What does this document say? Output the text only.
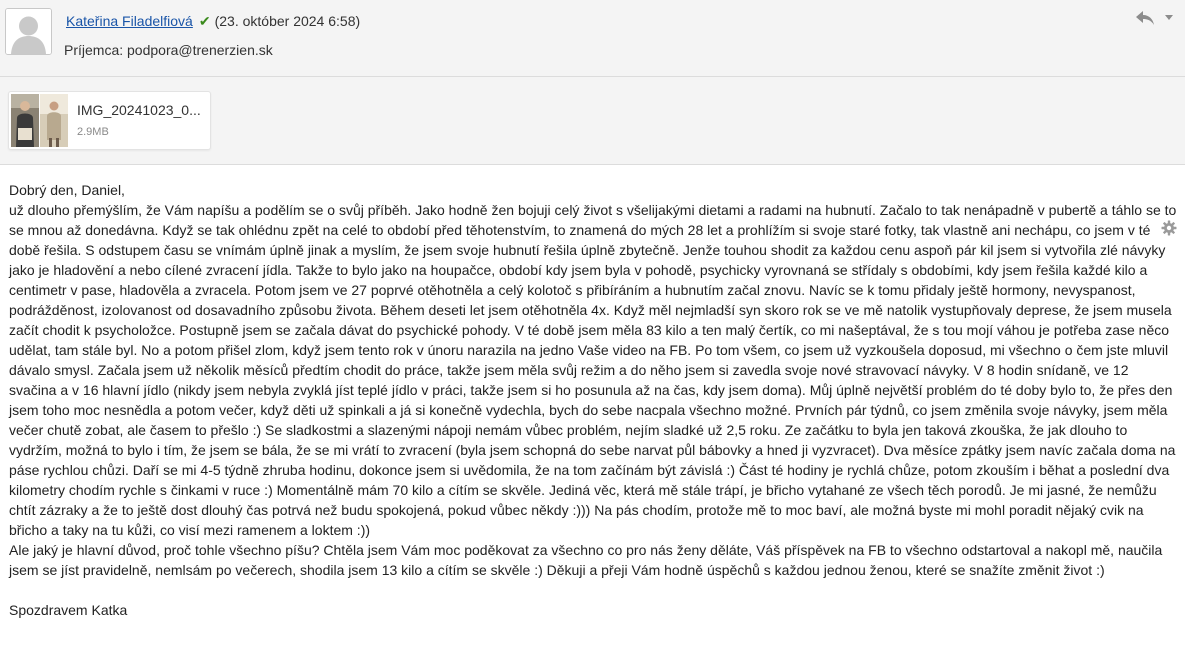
Kateřina Filadelfiová ✔ (23. október 2024 6:58)
Príjemca: podpora@trenerzien.sk
IMG_20241023_0...
2.9MB

Dobrý den, Daniel,

už dlouho přemýšlím, že Vám napíšu a podělím se o svůj příběh. Jako hodně žen bojuji celý život s všelijakými dietami a radami na hubnutí. Začalo to tak nenápadně v pubertě a táhlo se to se mnou až donedávna. Když se tak ohlédnu zpět na celé to období před těhotenstvím, to znamená do mých 28 let a prohlížím si svoje staré fotky, tak vlastně ani nechápu, co jsem v té době řešila. S odstupem času se vnímám úplně jinak a myslím, že jsem svoje hubnutí řešila úplně zbytečně. Jenže touhou shodit za každou cenu aspoň pár kil jsem si vytvořila zlé návyky jako je hladovění a nebo cílené zvracení jídla. Takže to bylo jako na houpačce, období kdy jsem byla v pohodě, psychicky vyrovnaná se střídaly s obdobími, kdy jsem řešila každé kilo a centimetr v pase, hladověla a zvracela. Potom jsem ve 27 poprvé otěhotněla a celý kolotoč s přibíráním a hubnutím začal znovu. Navíc se k tomu přidaly ještě hormony, nevyspanost, podrážděnost, izolovanost od dosavadního způsobu života. Během deseti let jsem otěhotněla 4x. Když měl nejmladší syn skoro rok se ve mě natolik vystupňovaly deprese, že jsem musela začít chodit k psycholožce. Postupně jsem se začala dávat do psychické pohody. V té době jsem měla 83 kilo a ten malý čertík, co mi našeptával, že s tou mojí váhou je potřeba zase něco udělat, tam stále byl. No a potom přišel zlom, když jsem tento rok v únoru narazila na jedno Vaše video na FB. Po tom všem, co jsem už vyzkoušela doposud, mi všechno o čem jste mluvil dávalo smysl. Začala jsem už několik měsíců předtím chodit do práce, takže jsem měla svůj režim a do něho jsem si zavedla svoje nové stravovací návyky. V 8 hodin snídaně, ve 12 svačina a v 16 hlavní jídlo (nikdy jsem nebyla zvyklá jíst teplé jídlo v práci, takže jsem si ho posunula až na čas, kdy jsem doma). Můj úplně největší problém do té doby bylo to, že přes den jsem toho moc nesnědla a potom večer, když děti už spinkali a já si konečně vydechla, bych do sebe nacpala všechno možné. Prvních pár týdnů, co jsem změnila svoje návyky, jsem měla večer chutě zobat, ale časem to přešlo :) Se sladkostmi a slazenými nápoji nemám vůbec problém, nejím sladké už 2,5 roku. Ze začátku to byla jen taková zkouška, že jak dlouho to vydržím, možná to bylo i tím, že jsem se bála, že se mi vrátí to zvracení (byla jsem schopná do sebe narvat půl bábovky a hned ji vyzvracet). Dva měsíce zpátky jsem navíc začala doma na páse rychlou chůzi. Daří se mi 4-5 týdně zhruba hodinu, dokonce jsem si uvědomila, že na tom začínám být závislá :) Část té hodiny je rychlá chůze, potom zkouším i běhat a poslední dva kilometry chodím rychle s činkami v ruce :) Momentálně mám 70 kilo a cítím se skvěle. Jediná věc, která mě stále trápí, je břicho vytahané ze všech těch porodů. Je mi jasné, že nemůžu chtít zázraky a že to ještě dost dlouhý čas potrvá než budu spokojená, pokud vůbec někdy :))) Na pás chodím, protože mě to moc baví, ale možná byste mi mohl poradit nějaký cvik na břicho a taky na tu kůži, co visí mezi ramenem a loktem :))

Ale jaký je hlavní důvod, proč tohle všechno píšu? Chtěla jsem Vám moc poděkovat za všechno co pro nás ženy děláte, Váš příspěvek na FB to všechno odstartoval a nakopl mě, naučila jsem se jíst pravidelně, nemlsám po večerech, shodila jsem 13 kilo a cítím se skvěle :) Děkuji a přeji Vám hodně úspěchů s každou jednou ženou, které se snažíte změnit život :)

Spozdravem Katka
